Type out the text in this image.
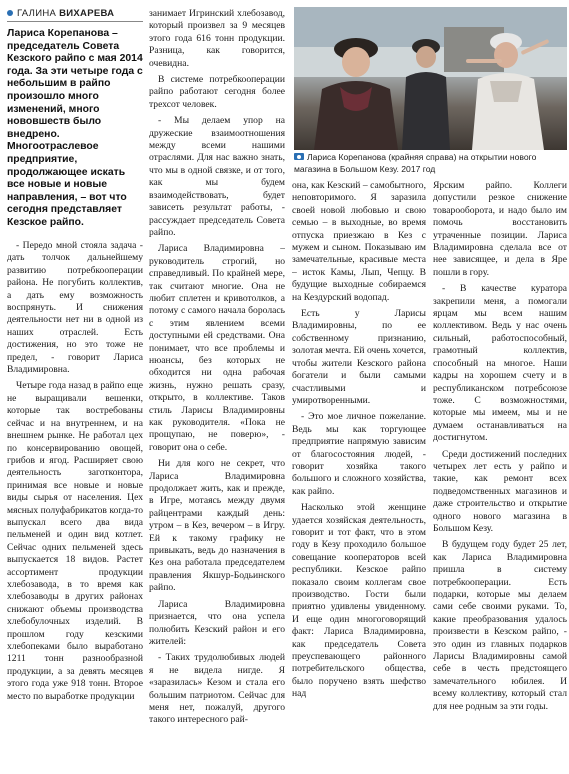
ГАЛИНА ВИХАРЕВА
Лариса Корепанова – председатель Совета Кезского райпо с мая 2014 года. За эти четыре года с небольшим в райпо произошло много изменений, много нововшеств было внедрено. Многоотраслевое предприятие, продолжающее искать все новые и новые направления, – вот что сегодня представляет Кезское райпо.
Лариса Корепанова (крайняя справа) на открытии нового магазина в Большом Кезу. 2017 год

- Передо мной стояла задача - дать толчок дальнейшему развитию потребкооперации района. Не погубить коллектив, а дать ему возможность воспрянуть. И снижения деятельности нет ни в одной из наших отраслей. Есть достижения, но это тоже не предел, - говорит Лариса Владимировна.

Четыре года назад в райпо еще не выращивали вешенки, которые так востребованы сейчас и на внутреннем, и на внешнем рынке. Не работал цех по консервированию овощей, грибов и ягод. Расширяет свою деятельность заготконтора, принимая все новые и новые виды сырья от населения. Цех мясных полуфабрикатов когда-то выпускал всего два вида пельменей и один вид котлет. Сейчас одних пельменей здесь выпускается 18 видов. Растет ассортимент продукции хлебозавода, в то время как хлебозаводы в других районах снижают объемы производства хлебобулочных изделий. В прошлом году кезскими хлебопеками было выработано 1211 тонн разнообразной продукции, а за девять месяцев этого года уже 918 тонн. Второе место по выработке продукции

занимает Игринский хлебозавод, который произвел за 9 месяцев этого года 616 тонн продукции. Разница, как говорится, очевидна.

В системе потребкооперации райпо работают сегодня более трехсот человек.

- Мы делаем упор на дружеские взаимоотношения между всеми нашими отраслями. Для нас важно знать, что мы в одной связке, и от того, как мы будем взаимодействовать, будет зависеть результат работы, - рассуждает председатель Совета райпо.

Лариса Владимировна – руководитель строгий, но справедливый. По крайней мере, так считают многие. Она не любит сплетен и кривотолков, а потому с самого начала боролась с этим явлением всеми доступными ей средствами. Она понимает, что все проблемы и нюансы, без которых не обходится ни одна рабочая жизнь, нужно решать сразу, открыто, в коллективе. Таков стиль Ларисы Владимировны как руководителя. «Пока не прощупаю, не поверю», - говорит она о себе.

Ни для кого не секрет, что Лариса Владимировна продолжает жить, как и прежде, в Игре, мотаясь между двумя райцентрами каждый день: утром – в Кез, вечером – в Игру. Ей к такому графику не привыкать, ведь до назначения в Кез она работала председателем правления Якшур-Бодьинского райпо.

Лариса Владимировна признается, что она успела полюбить Кезский район и его жителей:

- Таких трудолюбивых людей я не видела нигде. Я «заразилась» Кезом и стала его большим патриотом. Сейчас для меня нет, пожалуй, другого такого интересного рай-

она, как Кезский – самобытного, неповторимого. Я заразила своей новой любовью и свою семью – в выходные, во время отпуска приезжаю в Кез с мужем и сыном. Показываю им замечательные, красивые места – исток Камы, Лып, Чепцу. В будущие выходные собираемся на Кездурский водопад.

Есть у Ларисы Владимировны, по ее собственному признанию, золотая мечта. Ей очень хочется, чтобы жители Кезского района богатели и были самыми счастливыми и умиротворенными.

- Это мое личное пожелание. Ведь мы как торгующее предприятие напрямую зависим от благосостояния людей, - говорит хозяйка такого большого и сложного хозяйства, как райпо.

Насколько этой женщине удается хозяйская деятельность, говорит и тот факт, что в этом году в Кезу проходило большое совещание кооператоров всей республики. Кезское райпо показало своим коллегам свое производство. Гости были приятно удивлены увиденному. И еще один многоговорящий факт: Лариса Владимировна, как председатель Совета преуспевающего районного потребительского общества, было поручено взять шефство над

Ярским райпо. Коллеги допустили резкое снижение товарооборота, и надо было им помочь восстановить утраченные позиции. Лариса Владимировна сделала все от нее зависящее, и дела в Яре пошли в гору.

- В качестве куратора закрепили меня, а помогали ярцам мы всем нашим коллективом. Ведь у нас очень сильный, работоспособный, грамотный коллектив, способный на многое. Наши кадры на хорошем счету и в республиканском потребсоюзе тоже. С возможностями, которые мы имеем, мы и не думаем останавливаться на достигнутом.

Среди достижений последних четырех лет есть у райпо и такие, как ремонт всех подведомственных магазинов и даже строительство и открытие одного нового магазина в Большом Кезу.

В будущем году будет 25 лет, как Лариса Владимировна пришла в систему потребкооперации. Есть подарки, которые мы делаем сами себе своими руками. То, какие преобразования удалось произвести в Кезском райпо, - это один из главных подарков Ларисы Владимировны самой себе в честь предстоящего замечательного юбилея. И всему коллективу, который стал для нее родным за эти годы.
